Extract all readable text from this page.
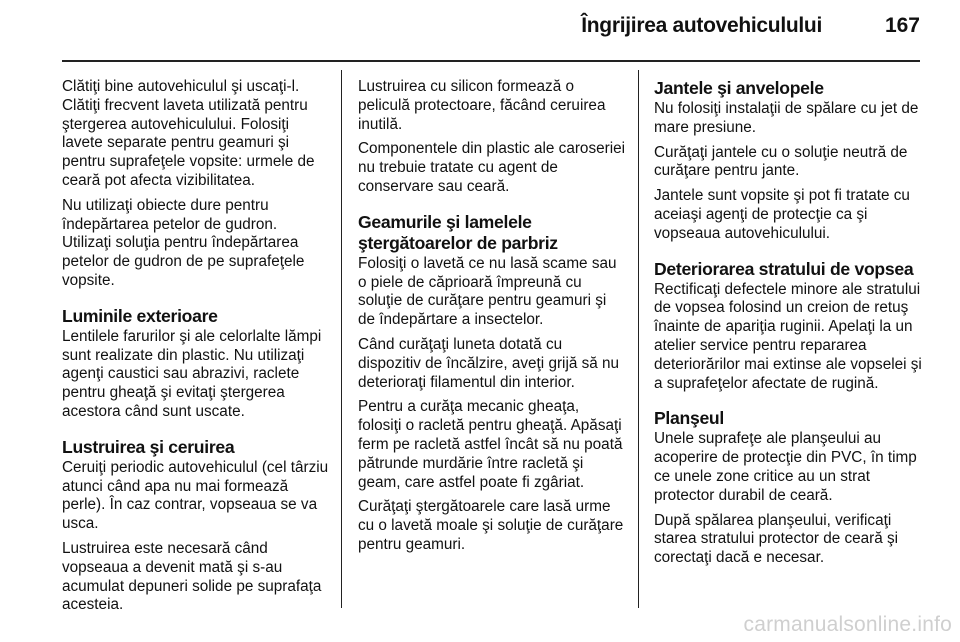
Îngrijirea autovehiculului	167

Clătiţi bine autovehiculul şi uscaţi-l. Clătiţi frecvent laveta utilizată pentru ştergerea autovehiculului. Folosiţi lavete separate pentru geamuri şi pentru suprafeţele vopsite: urmele de ceară pot afecta vizibilitatea.

Nu utilizaţi obiecte dure pentru îndepărtarea petelor de gudron. Utilizaţi soluţia pentru îndepărtarea petelor de gudron de pe suprafeţele vopsite.

Luminile exterioare

Lentilele farurilor şi ale celorlalte lămpi sunt realizate din plastic. Nu utilizaţi agenţi caustici sau abrazivi, raclete pentru gheaţă şi evitaţi ştergerea acestora când sunt uscate.

Lustruirea şi ceruirea

Ceruiţi periodic autovehiculul (cel târziu atunci când apa nu mai formează perle). În caz contrar, vopseaua se va usca.

Lustruirea este necesară când vopseaua a devenit mată şi s-au acumulat depuneri solide pe suprafaţa acesteia.

Lustruirea cu silicon formează o peliculă protectoare, făcând ceruirea inutilă.

Componentele din plastic ale caroseriei nu trebuie tratate cu agent de conservare sau ceară.

Geamurile şi lamelele ştergătoarelor de parbriz

Folosiţi o lavetă ce nu lasă scame sau o piele de căprioară împreună cu soluţie de curăţare pentru geamuri şi de îndepărtare a insectelor.

Când curăţaţi luneta dotată cu dispozitiv de încălzire, aveţi grijă să nu deterioraţi filamentul din interior.

Pentru a curăţa mecanic gheaţa, folosiţi o racletă pentru gheaţă. Apăsaţi ferm pe racletă astfel încât să nu poată pătrunde murdărie între racletă şi geam, care astfel poate fi zgâriat.

Curăţaţi ştergătoarele care lasă urme cu o lavetă moale şi soluţie de curăţare pentru geamuri.

Jantele şi anvelopele

Nu folosiţi instalaţii de spălare cu jet de mare presiune.

Curăţaţi jantele cu o soluţie neutră de curăţare pentru jante.

Jantele sunt vopsite şi pot fi tratate cu aceiaşi agenţi de protecţie ca şi vopseaua autovehiculului.

Deteriorarea stratului de vopsea

Rectificaţi defectele minore ale stratului de vopsea folosind un creion de retuş înainte de apariţia ruginii. Apelaţi la un atelier service pentru repararea deteriorărilor mai extinse ale vopselei şi a suprafeţelor afectate de rugină.

Planşeul

Unele suprafeţe ale planşeului au acoperire de protecţie din PVC, în timp ce unele zone critice au un strat protector durabil de ceară.

După spălarea planşeului, verificaţi starea stratului protector de ceară şi corectaţi dacă e necesar.

carmanualsonline.info
